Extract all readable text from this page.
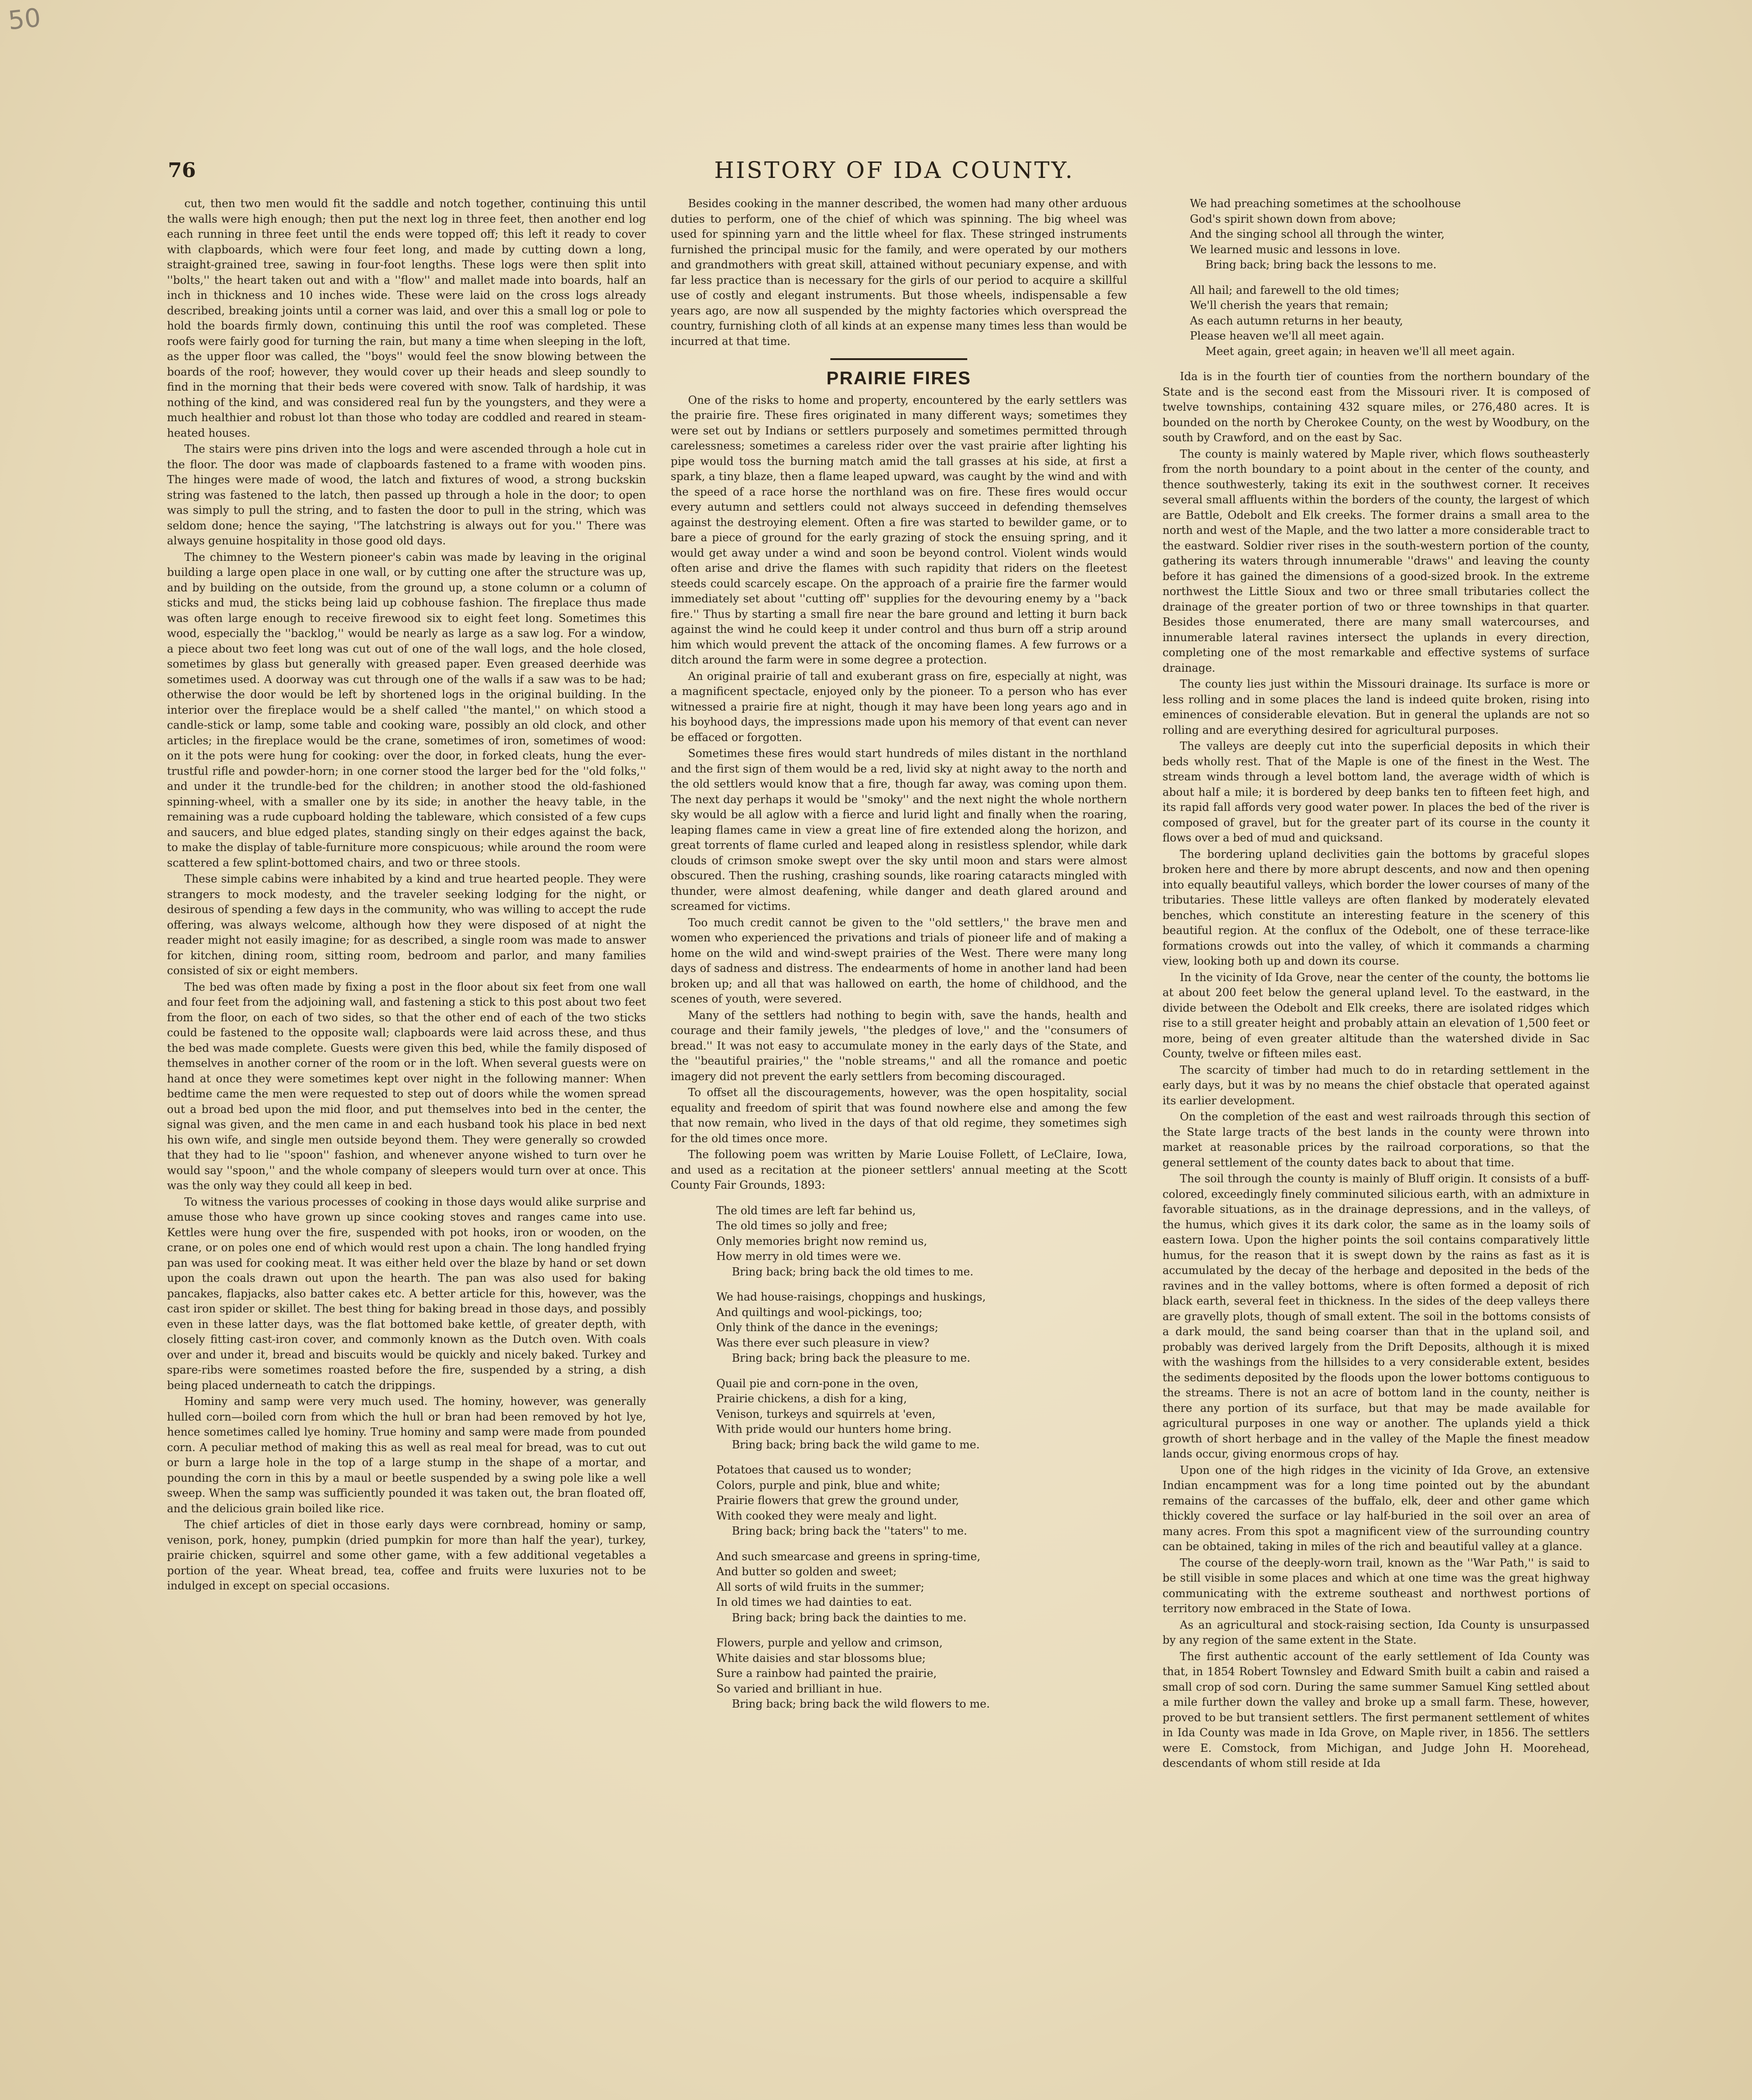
50
76	HISTORY OF IDA COUNTY.

cut, then two men would fit the saddle and notch together, continuing this until the walls were high enough; then put the next log in three feet, then another end log each running in three feet until the ends were topped off; this left it ready to cover with clapboards, which were four feet long, and made by cutting down a long, straight-grained tree, sawing in four-foot lengths. These logs were then split into ''bolts,'' the heart taken out and with a ''flow'' and mallet made into boards, half an inch in thickness and 10 inches wide. These were laid on the cross logs already described, breaking joints until a corner was laid, and over this a small log or pole to hold the boards firmly down, continuing this until the roof was completed. These roofs were fairly good for turning the rain, but many a time when sleeping in the loft, as the upper floor was called, the ''boys'' would feel the snow blowing between the boards of the roof; however, they would cover up their heads and sleep soundly to find in the morning that their beds were covered with snow. Talk of hardship, it was nothing of the kind, and was considered real fun by the youngsters, and they were a much healthier and robust lot than those who today are coddled and reared in steam-heated houses.

The stairs were pins driven into the logs and were ascended through a hole cut in the floor. The door was made of clapboards fastened to a frame with wooden pins. The hinges were made of wood, the latch and fixtures of wood, a strong buckskin string was fastened to the latch, then passed up through a hole in the door; to open was simply to pull the string, and to fasten the door to pull in the string, which was seldom done; hence the saying, ''The latchstring is always out for you.'' There was always genuine hospitality in those good old days.

The chimney to the Western pioneer's cabin was made by leaving in the original building a large open place in one wall, or by cutting one after the structure was up, and by building on the outside, from the ground up, a stone column or a column of sticks and mud, the sticks being laid up cobhouse fashion. The fireplace thus made was often large enough to receive firewood six to eight feet long. Sometimes this wood, especially the ''backlog,'' would be nearly as large as a saw log. For a window, a piece about two feet long was cut out of one of the wall logs, and the hole closed, sometimes by glass but generally with greased paper. Even greased deerhide was sometimes used. A doorway was cut through one of the walls if a saw was to be had; otherwise the door would be left by shortened logs in the original building. In the interior over the fireplace would be a shelf called ''the mantel,'' on which stood a candle-stick or lamp, some table and cooking ware, possibly an old clock, and other articles; in the fireplace would be the crane, sometimes of iron, sometimes of wood: on it the pots were hung for cooking: over the door, in forked cleats, hung the ever-trustful rifle and powder-horn; in one corner stood the larger bed for the ''old folks,'' and under it the trundle-bed for the children; in another stood the old-fashioned spinning-wheel, with a smaller one by its side; in another the heavy table, in the remaining was a rude cupboard holding the tableware, which consisted of a few cups and saucers, and blue edged plates, standing singly on their edges against the back, to make the display of table-furniture more conspicuous; while around the room were scattered a few splint-bottomed chairs, and two or three stools.

These simple cabins were inhabited by a kind and true hearted people. They were strangers to mock modesty, and the traveler seeking lodging for the night, or desirous of spending a few days in the community, who was willing to accept the rude offering, was always welcome, although how they were disposed of at night the reader might not easily imagine; for as described, a single room was made to answer for kitchen, dining room, sitting room, bedroom and parlor, and many families consisted of six or eight members.

The bed was often made by fixing a post in the floor about six feet from one wall and four feet from the adjoining wall, and fastening a stick to this post about two feet from the floor, on each of two sides, so that the other end of each of the two sticks could be fastened to the opposite wall; clapboards were laid across these, and thus the bed was made complete. Guests were given this bed, while the family disposed of themselves in another corner of the room or in the loft. When several guests were on hand at once they were sometimes kept over night in the following manner: When bedtime came the men were requested to step out of doors while the women spread out a broad bed upon the mid floor, and put themselves into bed in the center, the signal was given, and the men came in and each husband took his place in bed next his own wife, and single men outside beyond them. They were generally so crowded that they had to lie ''spoon'' fashion, and whenever anyone wished to turn over he would say ''spoon,'' and the whole company of sleepers would turn over at once. This was the only way they could all keep in bed.

To witness the various processes of cooking in those days would alike surprise and amuse those who have grown up since cooking stoves and ranges came into use. Kettles were hung over the fire, suspended with pot hooks, iron or wooden, on the crane, or on poles one end of which would rest upon a chain. The long handled frying pan was used for cooking meat. It was either held over the blaze by hand or set down upon the coals drawn out upon the hearth. The pan was also used for baking pancakes, flapjacks, also batter cakes etc. A better article for this, however, was the cast iron spider or skillet. The best thing for baking bread in those days, and possibly even in these latter days, was the flat bottomed bake kettle, of greater depth, with closely fitting cast-iron cover, and commonly known as the Dutch oven. With coals over and under it, bread and biscuits would be quickly and nicely baked. Turkey and spare-ribs were sometimes roasted before the fire, suspended by a string, a dish being placed underneath to catch the drippings.

Hominy and samp were very much used. The hominy, however, was generally hulled corn—boiled corn from which the hull or bran had been removed by hot lye, hence sometimes called lye hominy. True hominy and samp were made from pounded corn. A peculiar method of making this as well as real meal for bread, was to cut out or burn a large hole in the top of a large stump in the shape of a mortar, and pounding the corn in this by a maul or beetle suspended by a swing pole like a well sweep. When the samp was sufficiently pounded it was taken out, the bran floated off, and the delicious grain boiled like rice.

The chief articles of diet in those early days were cornbread, hominy or samp, venison, pork, honey, pumpkin (dried pumpkin for more than half the year), turkey, prairie chicken, squirrel and some other game, with a few additional vegetables a portion of the year. Wheat bread, tea, coffee and fruits were luxuries not to be indulged in except on special occasions.

Besides cooking in the manner described, the women had many other arduous duties to perform, one of the chief of which was spinning. The big wheel was used for spinning yarn and the little wheel for flax. These stringed instruments furnished the principal music for the family, and were operated by our mothers and grandmothers with great skill, attained without pecuniary expense, and with far less practice than is necessary for the girls of our period to acquire a skillful use of costly and elegant instruments. But those wheels, indispensable a few years ago, are now all suspended by the mighty factories which overspread the country, furnishing cloth of all kinds at an expense many times less than would be incurred at that time.

PRAIRIE FIRES

One of the risks to home and property, encountered by the early settlers was the prairie fire. These fires originated in many different ways; sometimes they were set out by Indians or settlers purposely and sometimes permitted through carelessness; sometimes a careless rider over the vast prairie after lighting his pipe would toss the burning match amid the tall grasses at his side, at first a spark, a tiny blaze, then a flame leaped upward, was caught by the wind and with the speed of a race horse the northland was on fire. These fires would occur every autumn and settlers could not always succeed in defending themselves against the destroying element. Often a fire was started to bewilder game, or to bare a piece of ground for the early grazing of stock the ensuing spring, and it would get away under a wind and soon be beyond control. Violent winds would often arise and drive the flames with such rapidity that riders on the fleetest steeds could scarcely escape. On the approach of a prairie fire the farmer would immediately set about ''cutting off'' supplies for the devouring enemy by a ''back fire.'' Thus by starting a small fire near the bare ground and letting it burn back against the wind he could keep it under control and thus burn off a strip around him which would prevent the attack of the oncoming flames. A few furrows or a ditch around the farm were in some degree a protection.

An original prairie of tall and exuberant grass on fire, especially at night, was a magnificent spectacle, enjoyed only by the pioneer. To a person who has ever witnessed a prairie fire at night, though it may have been long years ago and in his boyhood days, the impressions made upon his memory of that event can never be effaced or forgotten.

Sometimes these fires would start hundreds of miles distant in the northland and the first sign of them would be a red, livid sky at night away to the north and the old settlers would know that a fire, though far away, was coming upon them. The next day perhaps it would be ''smoky'' and the next night the whole northern sky would be all aglow with a fierce and lurid light and finally when the roaring, leaping flames came in view a great line of fire extended along the horizon, and great torrents of flame curled and leaped along in resistless splendor, while dark clouds of crimson smoke swept over the sky until moon and stars were almost obscured. Then the rushing, crashing sounds, like roaring cataracts mingled with thunder, were almost deafening, while danger and death glared around and screamed for victims.

Too much credit cannot be given to the ''old settlers,'' the brave men and women who experienced the privations and trials of pioneer life and of making a home on the wild and wind-swept prairies of the West. There were many long days of sadness and distress. The endearments of home in another land had been broken up; and all that was hallowed on earth, the home of childhood, and the scenes of youth, were severed.

Many of the settlers had nothing to begin with, save the hands, health and courage and their family jewels, ''the pledges of love,'' and the ''consumers of bread.'' It was not easy to accumulate money in the early days of the State, and the ''beautiful prairies,'' the ''noble streams,'' and all the romance and poetic imagery did not prevent the early settlers from becoming discouraged.

To offset all the discouragements, however, was the open hospitality, social equality and freedom of spirit that was found nowhere else and among the few that now remain, who lived in the days of that old regime, they sometimes sigh for the old times once more.

The following poem was written by Marie Louise Follett, of LeClaire, Iowa, and used as a recitation at the pioneer settlers' annual meeting at the Scott County Fair Grounds, 1893:

The old times are left far behind us,
The old times so jolly and free;
Only memories bright now remind us,
How merry in old times were we.
Bring back; bring back the old times to me.
We had house-raisings, choppings and huskings,
And quiltings and wool-pickings, too;
Only think of the dance in the evenings;
Was there ever such pleasure in view?
Bring back; bring back the pleasure to me.
Quail pie and corn-pone in the oven,
Prairie chickens, a dish for a king,
Venison, turkeys and squirrels at 'even,
With pride would our hunters home bring.
Bring back; bring back the wild game to me.
Potatoes that caused us to wonder;
Colors, purple and pink, blue and white;
Prairie flowers that grew the ground under,
With cooked they were mealy and light.
Bring back; bring back the ''taters'' to me.
And such smearcase and greens in spring-time,
And butter so golden and sweet;
All sorts of wild fruits in the summer;
In old times we had dainties to eat.
Bring back; bring back the dainties to me.
Flowers, purple and yellow and crimson,
White daisies and star blossoms blue;
Sure a rainbow had painted the prairie,
So varied and brilliant in hue.
Bring back; bring back the wild flowers to me.
We had preaching sometimes at the schoolhouse
God's spirit shown down from above;
And the singing school all through the winter,
We learned music and lessons in love.
Bring back; bring back the lessons to me.
All hail; and farewell to the old times;
We'll cherish the years that remain;
As each autumn returns in her beauty,
Please heaven we'll all meet again.
Meet again, greet again; in heaven we'll all meet again.

Ida is in the fourth tier of counties from the northern boundary of the State and is the second east from the Missouri river. It is composed of twelve townships, containing 432 square miles, or 276,480 acres. It is bounded on the north by Cherokee County, on the west by Woodbury, on the south by Crawford, and on the east by Sac.

The county is mainly watered by Maple river, which flows southeasterly from the north boundary to a point about in the center of the county, and thence southwesterly, taking its exit in the southwest corner. It receives several small affluents within the borders of the county, the largest of which are Battle, Odebolt and Elk creeks. The former drains a small area to the north and west of the Maple, and the two latter a more considerable tract to the eastward. Soldier river rises in the south-western portion of the county, gathering its waters through innumerable ''draws'' and leaving the county before it has gained the dimensions of a good-sized brook. In the extreme northwest the Little Sioux and two or three small tributaries collect the drainage of the greater portion of two or three townships in that quarter. Besides those enumerated, there are many small watercourses, and innumerable lateral ravines intersect the uplands in every direction, completing one of the most remarkable and effective systems of surface drainage.

The county lies just within the Missouri drainage. Its surface is more or less rolling and in some places the land is indeed quite broken, rising into eminences of considerable elevation. But in general the uplands are not so rolling and are everything desired for agricultural purposes.

The valleys are deeply cut into the superficial deposits in which their beds wholly rest. That of the Maple is one of the finest in the West. The stream winds through a level bottom land, the average width of which is about half a mile; it is bordered by deep banks ten to fifteen feet high, and its rapid fall affords very good water power. In places the bed of the river is composed of gravel, but for the greater part of its course in the county it flows over a bed of mud and quicksand.

The bordering upland declivities gain the bottoms by graceful slopes broken here and there by more abrupt descents, and now and then opening into equally beautiful valleys, which border the lower courses of many of the tributaries. These little valleys are often flanked by moderately elevated benches, which constitute an interesting feature in the scenery of this beautiful region. At the conflux of the Odebolt, one of these terrace-like formations crowds out into the valley, of which it commands a charming view, looking both up and down its course.

In the vicinity of Ida Grove, near the center of the county, the bottoms lie at about 200 feet below the general upland level. To the eastward, in the divide between the Odebolt and Elk creeks, there are isolated ridges which rise to a still greater height and probably attain an elevation of 1,500 feet or more, being of even greater altitude than the watershed divide in Sac County, twelve or fifteen miles east.

The scarcity of timber had much to do in retarding settlement in the early days, but it was by no means the chief obstacle that operated against its earlier development.

On the completion of the east and west railroads through this section of the State large tracts of the best lands in the county were thrown into market at reasonable prices by the railroad corporations, so that the general settlement of the county dates back to about that time.

The soil through the county is mainly of Bluff origin. It consists of a buff-colored, exceedingly finely comminuted silicious earth, with an admixture in favorable situations, as in the drainage depressions, and in the valleys, of the humus, which gives it its dark color, the same as in the loamy soils of eastern Iowa. Upon the higher points the soil contains comparatively little humus, for the reason that it is swept down by the rains as fast as it is accumulated by the decay of the herbage and deposited in the beds of the ravines and in the valley bottoms, where is often formed a deposit of rich black earth, several feet in thickness. In the sides of the deep valleys there are gravelly plots, though of small extent. The soil in the bottoms consists of a dark mould, the sand being coarser than that in the upland soil, and probably was derived largely from the Drift Deposits, although it is mixed with the washings from the hillsides to a very considerable extent, besides the sediments deposited by the floods upon the lower bottoms contiguous to the streams. There is not an acre of bottom land in the county, neither is there any portion of its surface, but that may be made available for agricultural purposes in one way or another. The uplands yield a thick growth of short herbage and in the valley of the Maple the finest meadow lands occur, giving enormous crops of hay.

Upon one of the high ridges in the vicinity of Ida Grove, an extensive Indian encampment was for a long time pointed out by the abundant remains of the carcasses of the buffalo, elk, deer and other game which thickly covered the surface or lay half-buried in the soil over an area of many acres. From this spot a magnificent view of the surrounding country can be obtained, taking in miles of the rich and beautiful valley at a glance.

The course of the deeply-worn trail, known as the ''War Path,'' is said to be still visible in some places and which at one time was the great highway communicating with the extreme southeast and northwest portions of territory now embraced in the State of Iowa.

As an agricultural and stock-raising section, Ida County is unsurpassed by any region of the same extent in the State.

The first authentic account of the early settlement of Ida County was that, in 1854 Robert Townsley and Edward Smith built a cabin and raised a small crop of sod corn. During the same summer Samuel King settled about a mile further down the valley and broke up a small farm. These, however, proved to be but transient settlers. The first permanent settlement of whites in Ida County was made in Ida Grove, on Maple river, in 1856. The settlers were E. Comstock, from Michigan, and Judge John H. Moorehead, descendants of whom still reside at Ida
